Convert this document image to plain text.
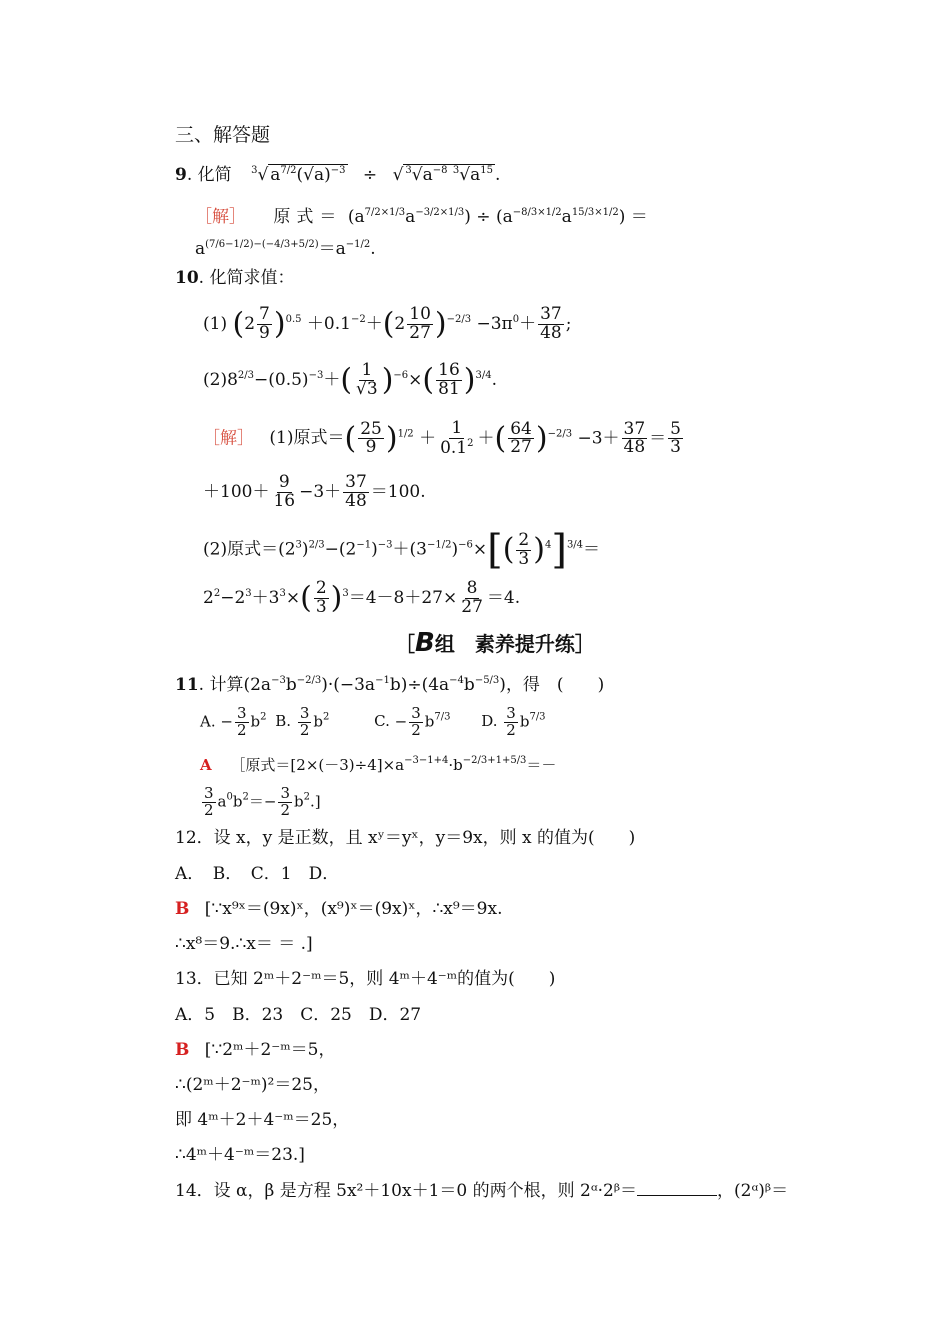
三、解答题
9. 化简 $^3$√ $a^{7/2}(√a)^{-3}$ ÷ √ $^3√a^{-8}$ $^3√a^{15}$ .
［解］ 原式＝ $(a^{7/2\times 1/3}a^{-3/2\times 1/3}) \div (a^{-8/3\times 1/2}a^{15/3\times 1/2})$ ＝
$a^{(7/6-1/2)-(-4/3+5/2)}=a^{-1/2}$.
10. 化简求值：
(1) $(2 \frac{7}{9} )^{0.5} +0.1^{-2}+(2 \frac{10}{27} )^{-2/3} -3\pi^0+ \frac{37}{48}$ ;
$(2)8^{2/3}-(0.5)^{-3}+( \frac{1}{√3} )^{-6}\times( \frac{16}{81} )^{3/4}$.
［解］ (1)原式＝( $\frac{25}{9} )^{1/2} + \frac{1}{0.1^2}$ ＋( $\frac{64}{27} )^{-2/3} -3+ \frac{37}{48} = \frac{5}{3}$
$+100+ \frac{9}{16} -3+ \frac{37}{48} =100$.
(2)原式$=(2^3)^{2/3}-(2^{-1})^{-3}+(3^{-1/2})^{-6}\times[( \frac{2}{3} )^4]^{3/4}=$
$2^2-2^3+3^3\times( \frac{2}{3} )^3=4-8+27\times \frac{8}{27} =4$.
［B组　素养提升练］
11. 计算$(2a^{-3}b^{-2/3})\cdot(-3a^{-1}b)\div(4a^{-4}b^{-5/3})$，得　(　　)
A. − $\frac{3}{2} b^2$ B. $\frac{3}{2} b^2$	C. − $\frac{3}{2} b^{7/3}$ D. $\frac{3}{2} b^{7/3}$
A ［原式$=[2\times(-3)\div 4]\times a^{-3-1+4}\cdot b^{-2/3+1+5/3}=-$
$\frac{3}{2} a^0b^2=- \frac{3}{2} b^2$.]
12．设 x，y 是正数，且 xʸ＝yˣ，y＝9x，则 x 的值为(　　)
A．　B．　C．1　D．
B [∵x⁹ˣ＝(9x)ˣ，(x⁹)ˣ＝(9x)ˣ，∴x⁹＝9x.
∴x⁸＝9.∴x＝ ＝ .]
13．已知 2ᵐ＋2⁻ᵐ＝5，则 4ᵐ＋4⁻ᵐ的值为(　　)
A．5　B．23　C．25　D．27
B [∵2ᵐ＋2⁻ᵐ＝5，
∴(2ᵐ＋2⁻ᵐ)²＝25，
即 4ᵐ＋2＋4⁻ᵐ＝25，
∴4ᵐ＋4⁻ᵐ＝23.]
14．设 α，β 是方程 5x²＋10x＋1＝0 的两个根，则 2ᵅ·2ᵝ＝	，(2ᵅ)ᵝ＝
